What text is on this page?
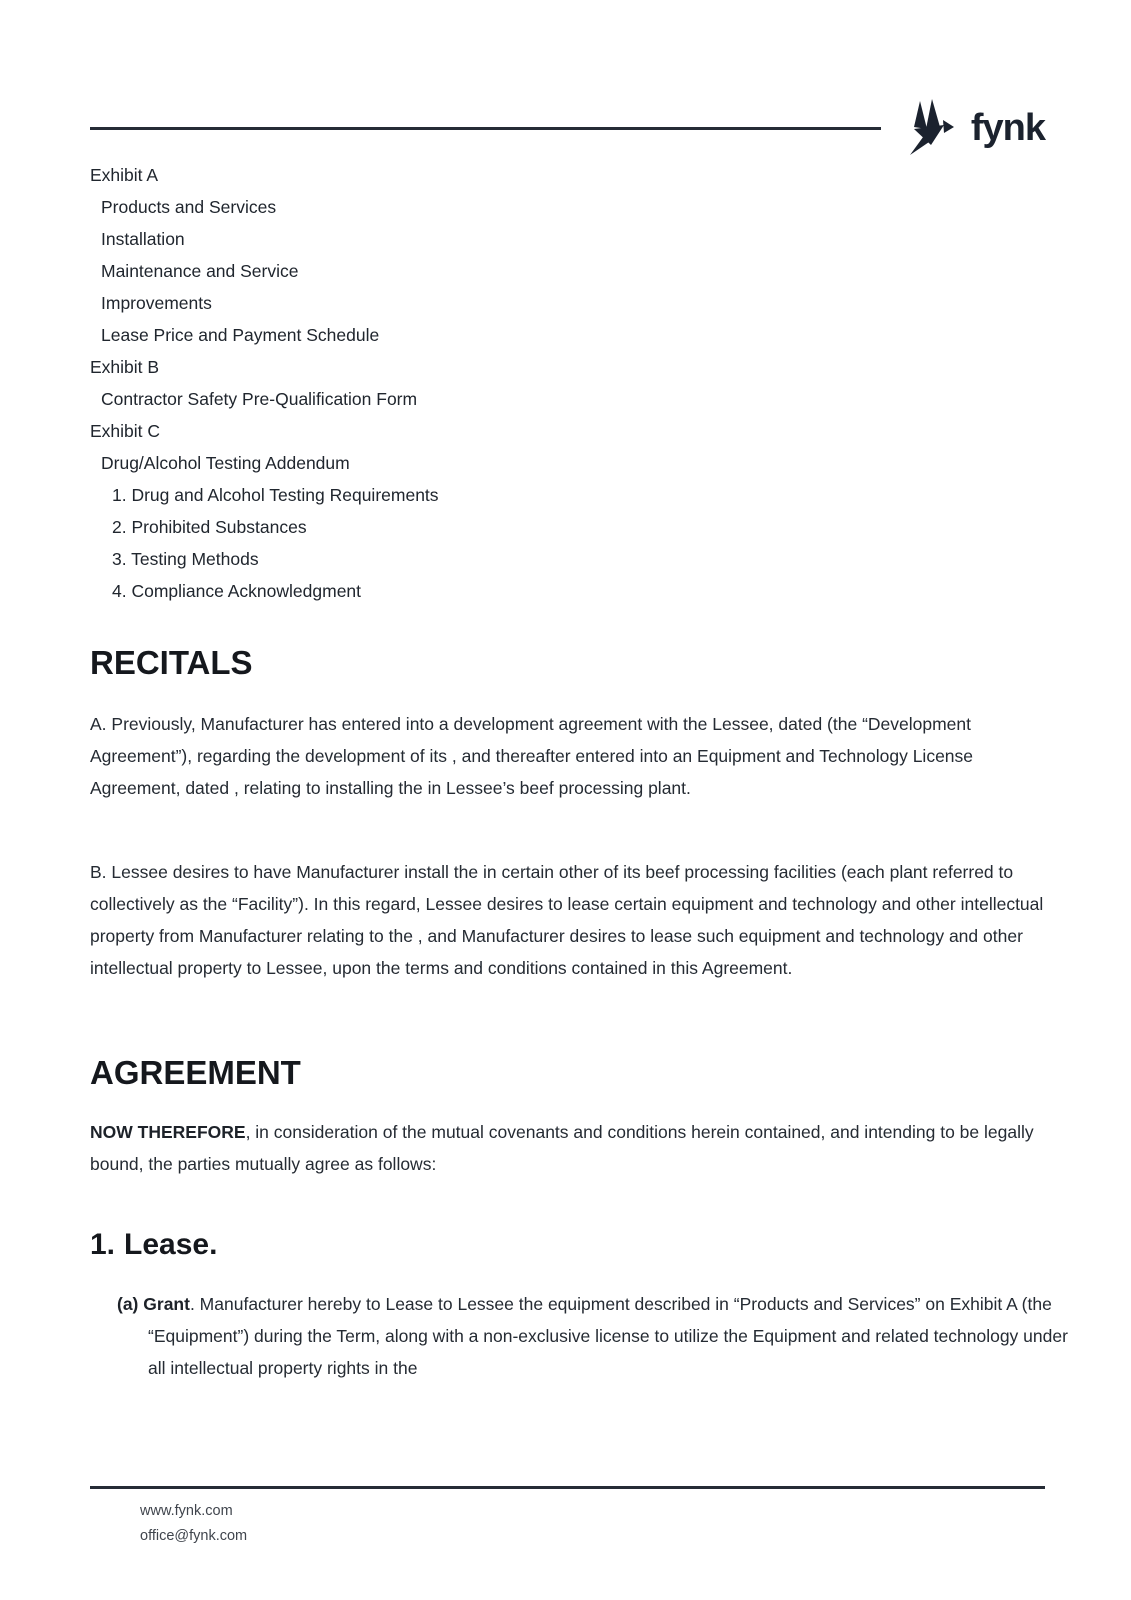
fynk
Exhibit A
Products and Services
Installation
Maintenance and Service
Improvements
Lease Price and Payment Schedule
Exhibit B
Contractor Safety Pre-Qualification Form
Exhibit C
Drug/Alcohol Testing Addendum
1. Drug and Alcohol Testing Requirements
2. Prohibited Substances
3. Testing Methods
4. Compliance Acknowledgment
RECITALS

A. Previously, Manufacturer has entered into a development agreement with the Lessee, dated (the “Development Agreement”), regarding the development of its , and thereafter entered into an Equipment and Technology License Agreement, dated , relating to installing the in Lessee’s beef processing plant.

B. Lessee desires to have Manufacturer install the in certain other of its beef processing facilities (each plant referred to collectively as the “Facility”). In this regard, Lessee desires to lease certain equipment and technology and other intellectual property from Manufacturer relating to the , and Manufacturer desires to lease such equipment and technology and other intellectual property to Lessee, upon the terms and conditions contained in this Agreement.

AGREEMENT

NOW THEREFORE, in consideration of the mutual covenants and conditions herein contained, and intending to be legally bound, the parties mutually agree as follows:

1. Lease.

(a) Grant. Manufacturer hereby to Lease to Lessee the equipment described in “Products and Services” on Exhibit A (the “Equipment”) during the Term, along with a non-exclusive license to utilize the Equipment and related technology under all intellectual property rights in the

www.fynk.com
office@fynk.com
